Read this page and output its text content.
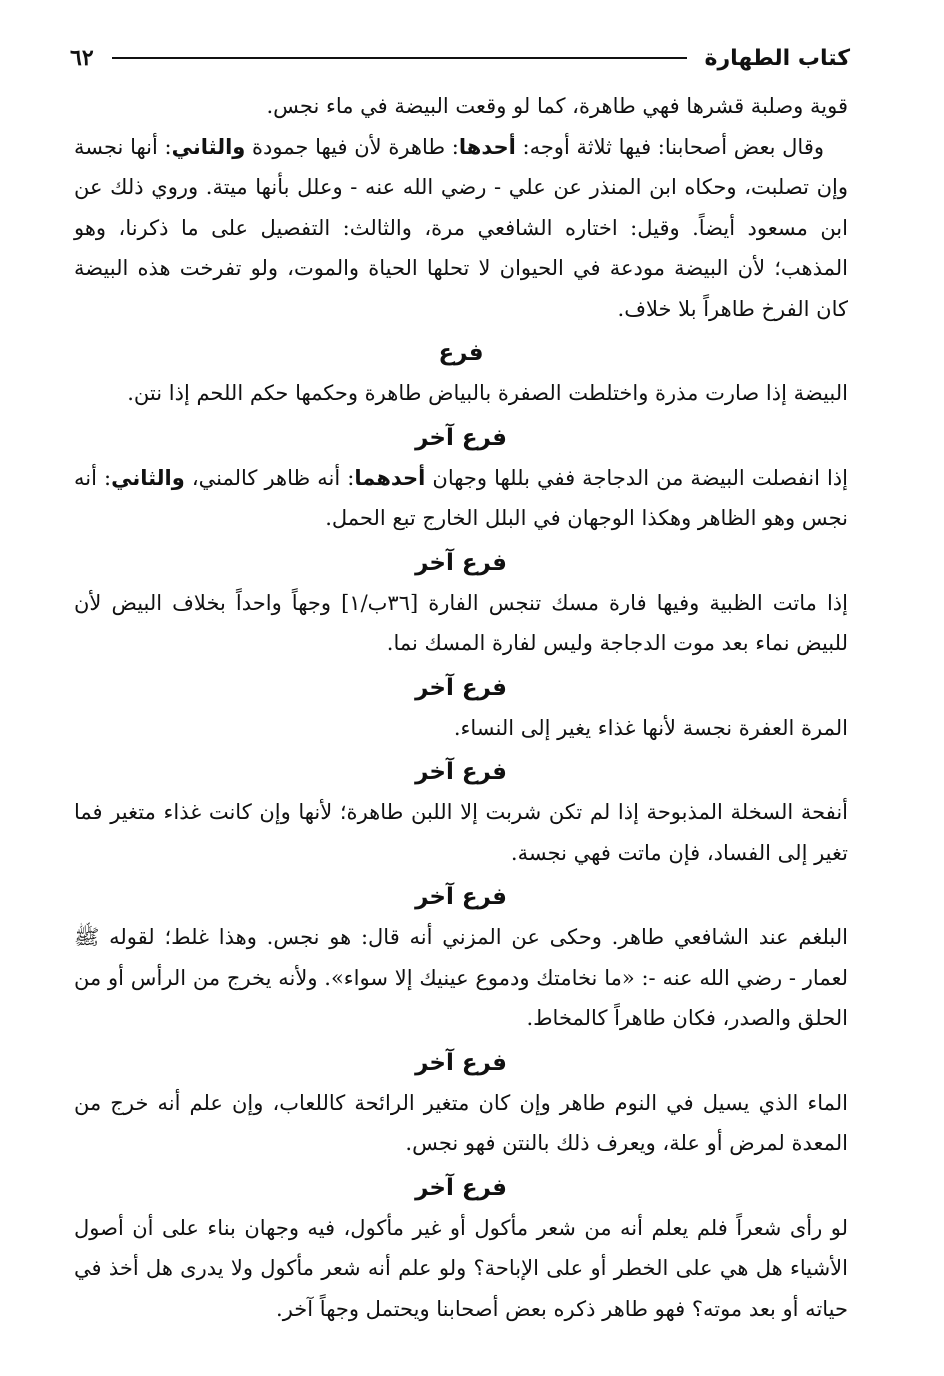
كتاب الطهارة
٦٢

قوية وصلبة قشرها فهي طاهرة، كما لو وقعت البيضة في ماء نجس.

وقال بعض أصحابنا: فيها ثلاثة أوجه: أحدها: طاهرة لأن فيها جمودة والثاني: أنها نجسة وإن تصلبت، وحكاه ابن المنذر عن علي - رضي الله عنه - وعلل بأنها ميتة. وروي ذلك عن ابن مسعود أيضاً. وقيل: اختاره الشافعي مرة، والثالث: التفصيل على ما ذكرنا، وهو المذهب؛ لأن البيضة مودعة في الحيوان لا تحلها الحياة والموت، ولو تفرخت هذه البيضة كان الفرخ طاهراً بلا خلاف.

فرع

البيضة إذا صارت مذرة واختلطت الصفرة بالبياض طاهرة وحكمها حكم اللحم إذا نتن.

فرع آخر

إذا انفصلت البيضة من الدجاجة ففي بللها وجهان أحدهما: أنه ظاهر كالمني، والثاني: أنه نجس وهو الظاهر وهكذا الوجهان في البلل الخارج تبع الحمل.

فرع آخر

إذا ماتت الظبية وفيها فارة مسك تنجس الفارة [٣٦ب/١] وجهاً واحداً بخلاف البيض لأن للبيض نماء بعد موت الدجاجة وليس لفارة المسك نما.

فرع آخر

المرة العفرة نجسة لأنها غذاء يغير إلى النساء.

فرع آخر

أنفحة السخلة المذبوحة إذا لم تكن شربت إلا اللبن طاهرة؛ لأنها وإن كانت غذاء متغير فما تغير إلى الفساد، فإن ماتت فهي نجسة.

فرع آخر

البلغم عند الشافعي طاهر. وحكى عن المزني أنه قال: هو نجس. وهذا غلط؛ لقوله ﷺ لعمار - رضي الله عنه -: «ما نخامتك ودموع عينيك إلا سواء». ولأنه يخرج من الرأس أو من الحلق والصدر، فكان طاهراً كالمخاط.

فرع آخر

الماء الذي يسيل في النوم طاهر وإن كان متغير الرائحة كاللعاب، وإن علم أنه خرج من المعدة لمرض أو علة، ويعرف ذلك بالنتن فهو نجس.

فرع آخر

لو رأى شعراً فلم يعلم أنه من شعر مأكول أو غير مأكول، فيه وجهان بناء على أن أصول الأشياء هل هي على الخطر أو على الإباحة؟ ولو علم أنه شعر مأكول ولا يدرى هل أخذ في حياته أو بعد موته؟ فهو طاهر ذكره بعض أصحابنا ويحتمل وجهاً آخر.
